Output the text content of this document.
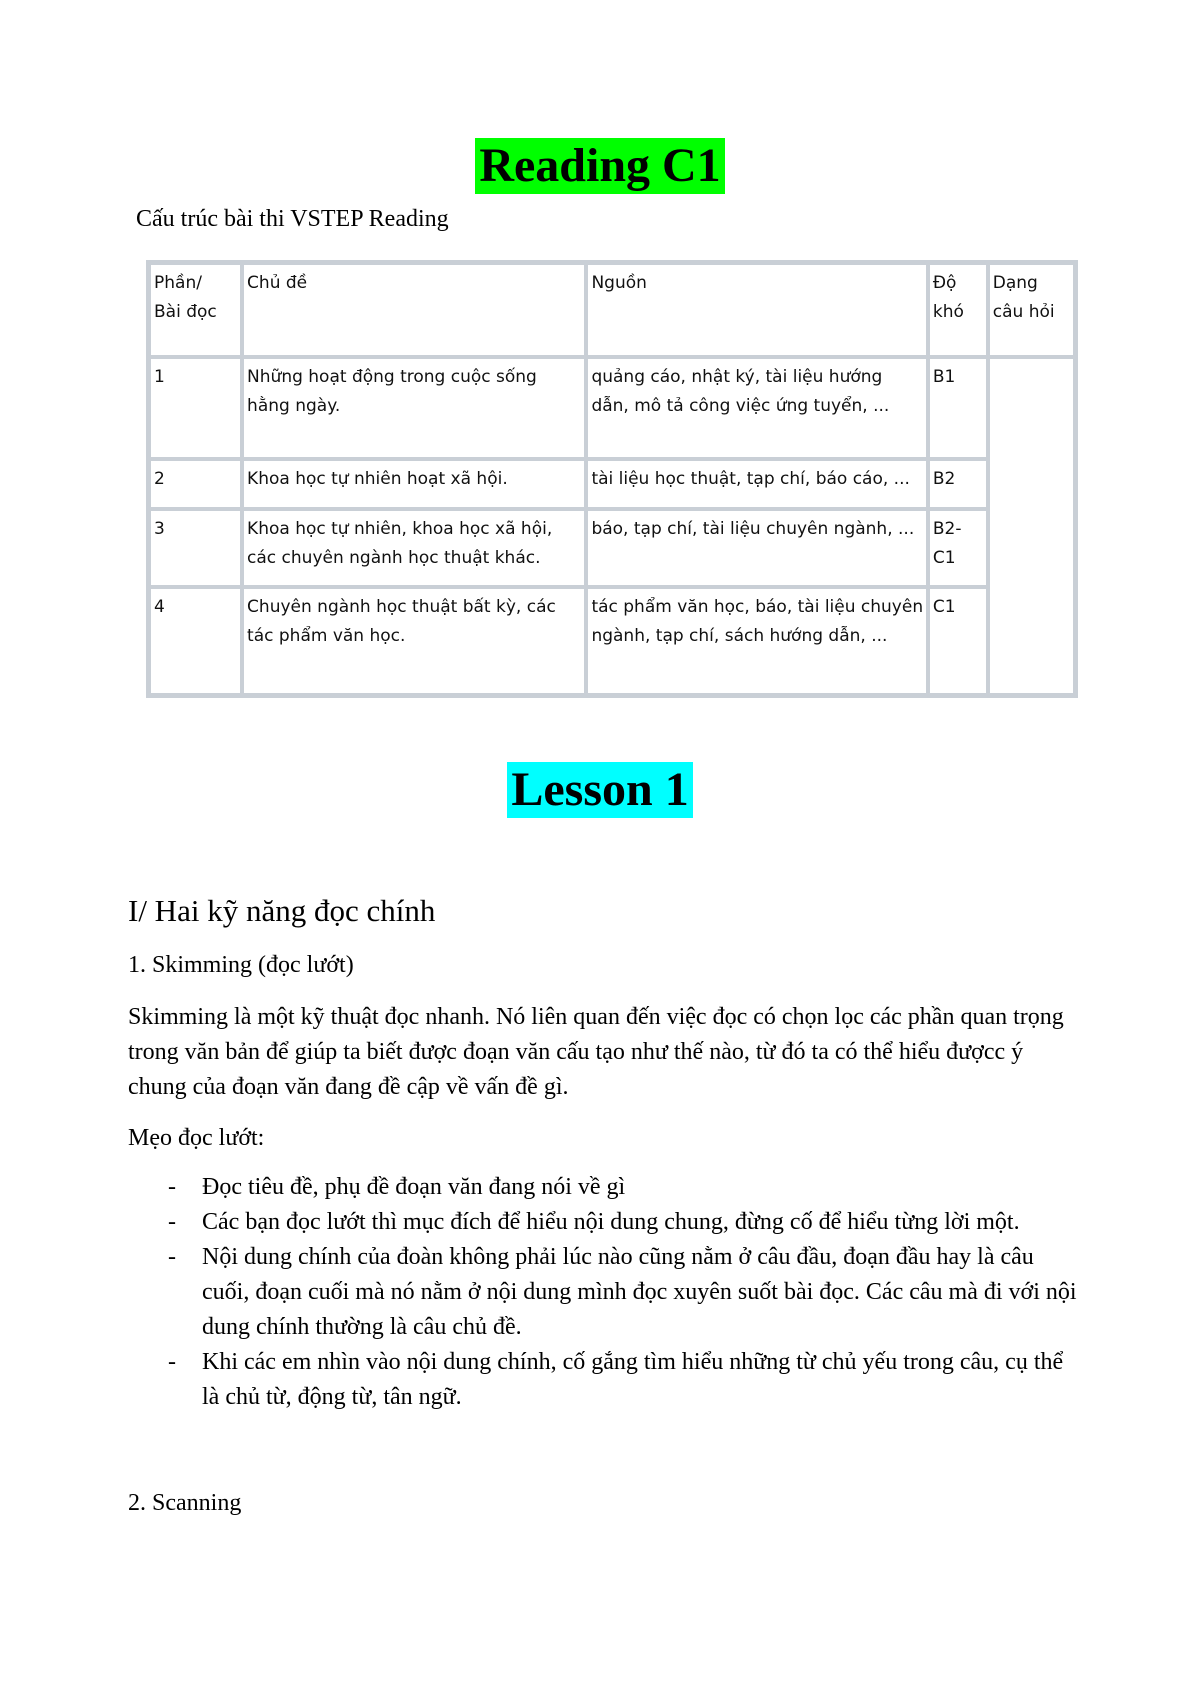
Reading C1
Cấu trúc bài thi VSTEP Reading
Phần/
Bài đọc	Chủ đề	Nguồn	Độ khó	Dạng câu hỏi
1	Những hoạt động trong cuộc sống hằng ngày.	quảng cáo, nhật ký, tài liệu hướng dẫn, mô tả công việc ứng tuyển, ...	B1	
2	Khoa học tự nhiên hoạt xã hội.	tài liệu học thuật, tạp chí, báo cáo, ...	B2	
3	Khoa học tự nhiên, khoa học xã hội, các chuyên ngành học thuật khác.	báo, tạp chí, tài liệu chuyên ngành, ...	B2-C1	
4	Chuyên ngành học thuật bất kỳ, các tác phẩm văn học.	tác phẩm văn học, báo, tài liệu chuyên ngành, tạp chí, sách hướng dẫn, ...	C1	
Lesson 1
I/ Hai kỹ năng đọc chính
1. Skimming (đọc lướt)
Skimming là một kỹ thuật đọc nhanh. Nó liên quan đến việc đọc có chọn lọc các phần quan trọng trong văn bản để giúp ta biết được đoạn văn cấu tạo như thế nào, từ đó ta có thể hiểu đượcc ý chung của đoạn văn đang đề cập về vấn đề gì.
Mẹo đọc lướt:
- Đọc tiêu đề, phụ đề đoạn văn đang nói về gì
- Các bạn đọc lướt thì mục đích để hiểu nội dung chung, đừng cố để hiểu từng lời một.
- Nội dung chính của đoàn không phải lúc nào cũng nằm ở câu đầu, đoạn đầu hay là câu cuối, đoạn cuối mà nó nằm ở nội dung mình đọc xuyên suốt bài đọc. Các câu mà đi với nội dung chính thường là câu chủ đề.
- Khi các em nhìn vào nội dung chính, cố gắng tìm hiểu những từ chủ yếu trong câu, cụ thể là chủ từ, động từ, tân ngữ.
2. Scanning
